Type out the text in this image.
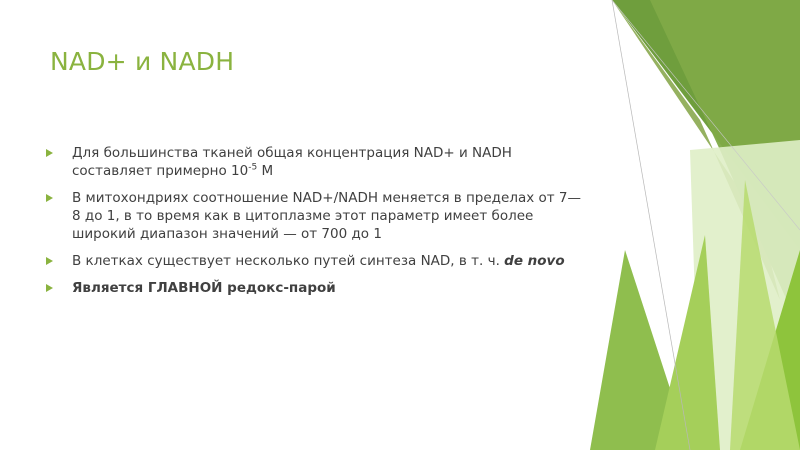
NAD+ и NADH
Для большинства тканей общая концентрация NAD+ и NADH составляет примерно $10^{-5}$ М
В митохондриях соотношение NAD+/NADH меняется в пределах от 7—8 до 1, в то время как в цитоплазме этот параметр имеет более широкий диапазон значений — от 700 до 1
В клетках существует несколько путей синтеза NAD, в т. ч. de novo
Является ГЛАВНОЙ редокс-парой
